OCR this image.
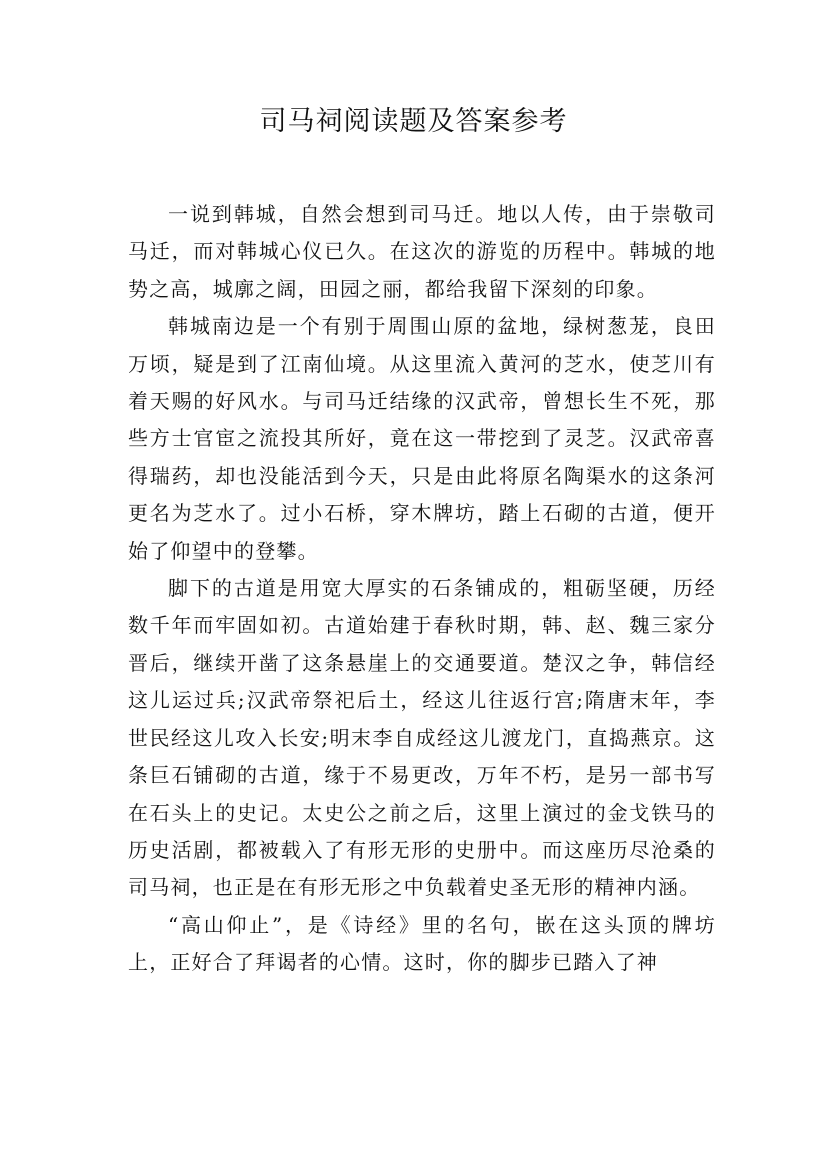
司马祠阅读题及答案参考

一说到韩城，自然会想到司马迁。地以人传，由于崇敬司马迁，而对韩城心仪已久。在这次的游览的历程中。韩城的地势之高，城廓之阔，田园之丽，都给我留下深刻的印象。

韩城南边是一个有别于周围山原的盆地，绿树葱茏，良田万顷，疑是到了江南仙境。从这里流入黄河的芝水，使芝川有着天赐的好风水。与司马迁结缘的汉武帝，曾想长生不死，那些方士官宦之流投其所好，竟在这一带挖到了灵芝。汉武帝喜得瑞药，却也没能活到今天，只是由此将原名陶渠水的这条河更名为芝水了。过小石桥，穿木牌坊，踏上石砌的古道，便开始了仰望中的登攀。

脚下的古道是用宽大厚实的石条铺成的，粗砺坚硬，历经数千年而牢固如初。古道始建于春秋时期，韩、赵、魏三家分晋后，继续开凿了这条悬崖上的交通要道。楚汉之争，韩信经这儿运过兵;汉武帝祭祀后土，经这儿往返行宫;隋唐末年，李世民经这儿攻入长安;明末李自成经这儿渡龙门，直捣燕京。这条巨石铺砌的古道，缘于不易更改，万年不朽，是另一部书写在石头上的史记。太史公之前之后，这里上演过的金戈铁马的历史活剧，都被载入了有形无形的史册中。而这座历尽沧桑的司马祠，也正是在有形无形之中负载着史圣无形的精神内涵。

“高山仰止”，是《诗经》里的名句，嵌在这头顶的牌坊上，正好合了拜谒者的心情。这时，你的脚步已踏入了神
